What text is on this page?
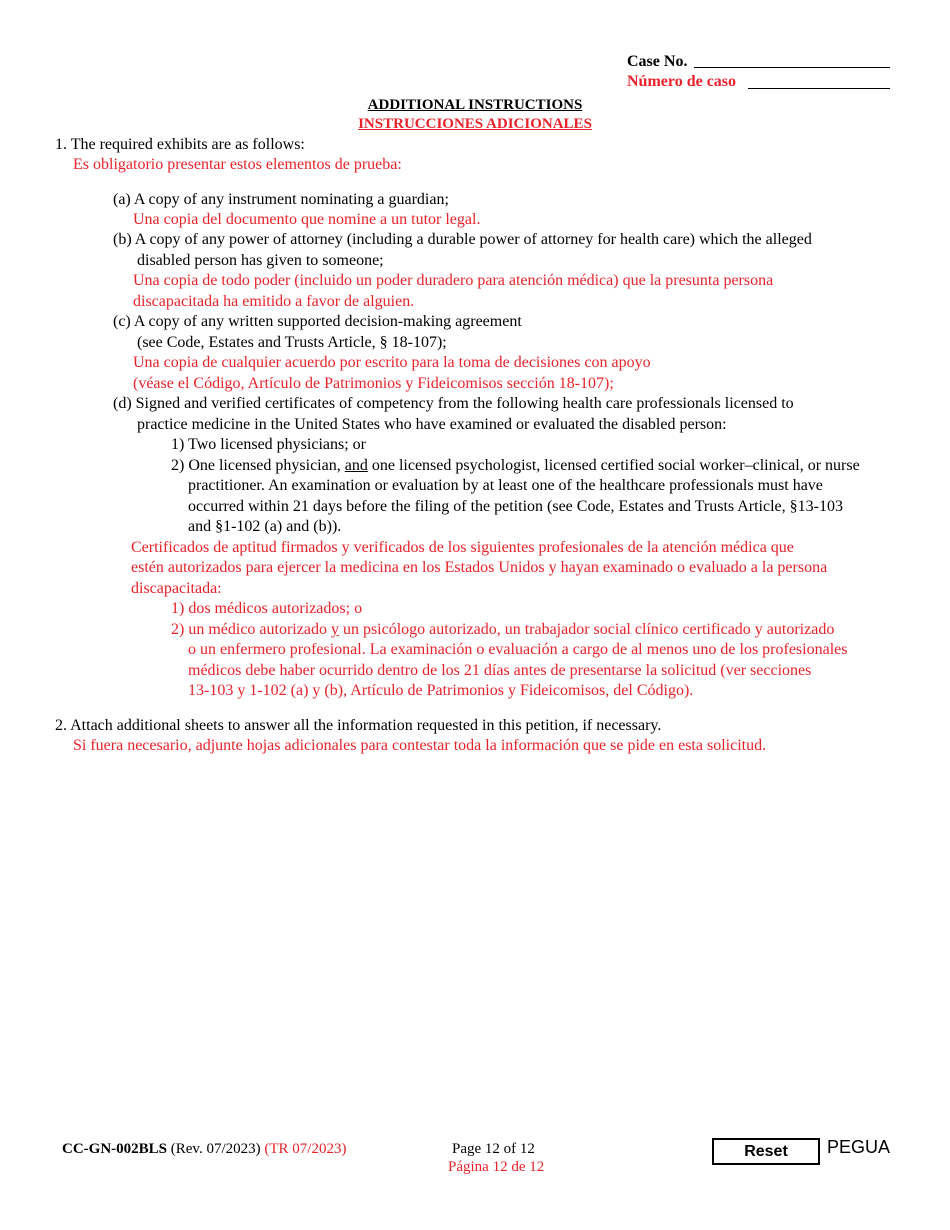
Case No.
Número de caso
ADDITIONAL INSTRUCTIONS
INSTRUCCIONES ADICIONALES
1. The required exhibits are as follows:
Es obligatorio presentar estos elementos de prueba:
(a) A copy of any instrument nominating a guardian;
Una copia del documento que nomine a un tutor legal.
(b) A copy of any power of attorney (including a durable power of attorney for health care) which the alleged
disabled person has given to someone;
Una copia de todo poder (incluido un poder duradero para atención médica) que la presunta persona
discapacitada ha emitido a favor de alguien.
(c) A copy of any written supported decision-making agreement
(see Code, Estates and Trusts Article, § 18-107);
Una copia de cualquier acuerdo por escrito para la toma de decisiones con apoyo
(véase el Código, Artículo de Patrimonios y Fideicomisos sección 18-107);
(d) Signed and verified certificates of competency from the following health care professionals licensed to
practice medicine in the United States who have examined or evaluated the disabled person:
1) Two licensed physicians; or
2) One licensed physician, and one licensed psychologist, licensed certified social worker–clinical, or nurse
practitioner. An examination or evaluation by at least one of the healthcare professionals must have
occurred within 21 days before the filing of the petition (see Code, Estates and Trusts Article, §13-103
and §1-102 (a) and (b)).
Certificados de aptitud firmados y verificados de los siguientes profesionales de la atención médica que
estén autorizados para ejercer la medicina en los Estados Unidos y hayan examinado o evaluado a la persona
discapacitada:
1) dos médicos autorizados; o
2) un médico autorizado y un psicólogo autorizado, un trabajador social clínico certificado y autorizado
o un enfermero profesional. La examinación o evaluación a cargo de al menos uno de los profesionales
médicos debe haber ocurrido dentro de los 21 días antes de presentarse la solicitud (ver secciones
13-103 y 1-102 (a) y (b), Artículo de Patrimonios y Fideicomisos, del Código).
2. Attach additional sheets to answer all the information requested in this petition, if necessary.
Si fuera necesario, adjunte hojas adicionales para contestar toda la información que se pide en esta solicitud.
CC-GN-002BLS (Rev. 07/2023) (TR 07/2023)	Page 12 of 12
Página 12 de 12
Reset	PEGUA
